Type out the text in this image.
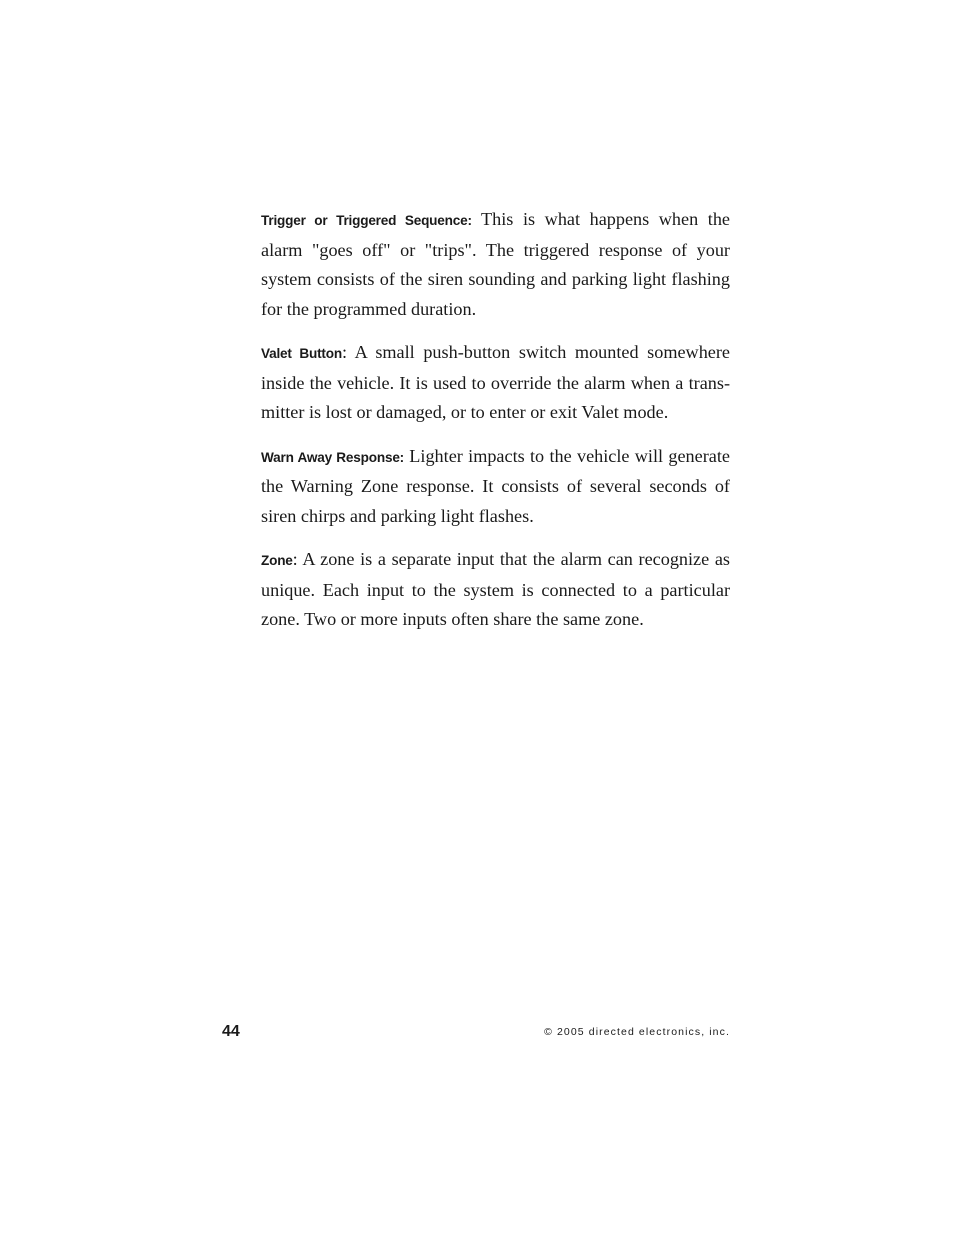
Trigger or Triggered Sequence: This is what happens when the alarm "goes off" or "trips". The triggered response of your system consists of the siren sounding and parking light flashing for the programmed duration.

Valet Button: A small push-button switch mounted somewhere inside the vehicle. It is used to override the alarm when a transmitter is lost or damaged, or to enter or exit Valet mode.

Warn Away Response: Lighter impacts to the vehicle will generate the Warning Zone response. It consists of several seconds of siren chirps and parking light flashes.

Zone: A zone is a separate input that the alarm can recognize as unique. Each input to the system is connected to a particular zone. Two or more inputs often share the same zone.

44	© 2005 directed electronics, inc.
